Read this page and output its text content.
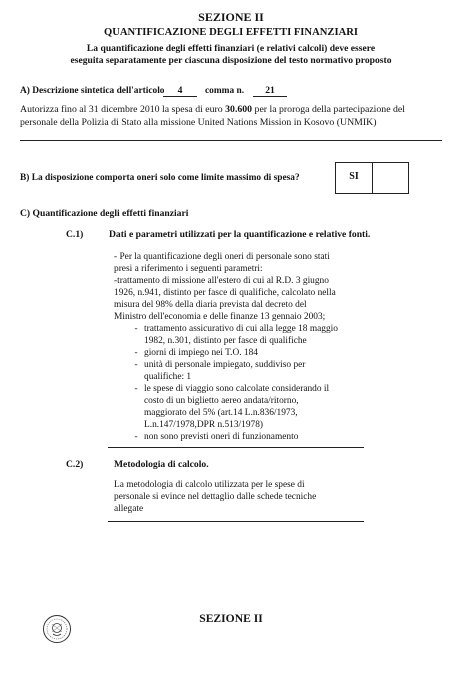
SEZIONE II
QUANTIFICAZIONE DEGLI EFFETTI FINANZIARI
La quantificazione degli effetti finanziari (e relativi calcoli) deve essere
eseguita separatamente per ciascuna disposizione del testo normativo proposto
A) Descrizione sintetica dell'articolo	4	comma n.	21
Autorizza fino al 31 dicembre 2010 la spesa di euro 30.600 per la proroga della partecipazione del
personale della Polizia di Stato alla missione United Nations Mission in Kosovo (UNMIK)
B) La disposizione comporta oneri solo come limite massimo di spesa?	SI
C) Quantificazione degli effetti finanziari
C.1)	Dati e parametri utilizzati per la quantificazione e relative fonti.
- Per la quantificazione degli oneri di personale sono stati
presi a riferimento i seguenti parametri:
-trattamento di missione all'estero di cui al R.D. 3 giugno
1926, n.941, distinto per fasce di qualifiche, calcolato nella
misura del 98% della diaria prevista dal decreto del
Ministro dell'economia e delle finanze 13 gennaio 2003;
- trattamento assicurativo di cui alla legge 18 maggio
1982, n.301, distinto per fasce di qualifiche
- giorni di impiego nei T.O. 184
- unità di personale impiegato, suddiviso per
qualifiche: 1
- le spese di viaggio sono calcolate considerando il
costo di un biglietto aereo andata/ritorno,
maggiorato del 5% (art.14 L.n.836/1973,
L.n.147/1978,DPR n.513/1978)
- non sono previsti oneri di funzionamento
C.2)	Metodologia di calcolo.
La metodologia di calcolo utilizzata per le spese di
personale si evince nel dettaglio dalle schede tecniche
allegate
SEZIONE II
